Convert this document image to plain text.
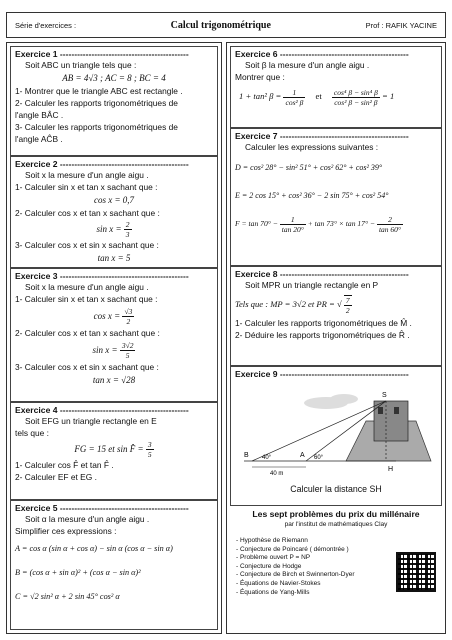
Série d'exercices :	Calcul trigonométrique	Prof : RAFIK YACINE
Exercice 1 ---------------------------------------------
Soit ABC un triangle tels que :
AB = 4√3 ; AC = 8 ; BC = 4
1- Montrer que le triangle ABC est rectangle .
2- Calculer les rapports trigonométriques de
l'angle BÂC .
3- Calculer les rapports trigonométriques de
l'angle AĈB .
Exercice 2 ---------------------------------------------
Soit x la mesure d'un angle aigu .
1- Calculer sin x et tan x sachant que :
cos x = 0,7
2- Calculer cos x et tan x sachant que :
$\sin x = \frac{2}{3}$
3- Calculer cos x et sin x sachant que :
tan x = 5
Exercice 3 ---------------------------------------------
Soit x la mesure d'un angle aigu .
1- Calculer sin x et tan x sachant que :
$\cos x = \frac{√3}{2}$
2- Calculer cos x et tan x sachant que :
$\sin x = \frac{3√2}{5}$
3- Calculer cos x et sin x sachant que :
tan x = √28
Exercice 4 ---------------------------------------------
Soit EFG un triangle rectangle en E
tels que :
FG = 15 et sin F̂ = $\frac{3}{5}$
1- Calculer cos F̂ et tan F̂ .
2- Calculer EF et EG .
Exercice 5 ---------------------------------------------
Soit α la mesure d'un angle aigu .
Simplifier ces expressions :
A = cos α (sin α + cos α) − sin α (cos α − sin α)
B = (cos α + sin α)² + (cos α − sin α)²
C = √2 sin² α + 2 sin 45° cos² α
Exercice 6 ---------------------------------------------
Soit β la mesure d'un angle aigu .
Montrer que :
1 + tan² $\beta = \frac{1}{\text{cos² β}}$ et $\frac{\text{cos⁴ β − sin⁴ β}}{\text{cos² β − sin² β}} = 1$
Exercice 7 ---------------------------------------------
Calculer les expressions suivantes :
D = cos² 28° − sin² 51° + cos² 62° + cos² 39°
E = 2 cos 15° + cos² 36° − 2 sin 75° + cos² 54°
$F = \tan 70^\circ - \frac{1}{\tan 20^\circ} + \tan 73^\circ \times \tan 17^\circ - \frac{2}{\tan 60^\circ}$
Exercice 8 ---------------------------------------------
Soit MPR un triangle rectangle en P
Tels que : MP = 3√2 et PR = √ $\frac{7}{2}$
1- Calculer les rapports trigonométriques de M̂ .
2- Déduire les rapports trigonométriques de R̂ .
Exercice 9 ---------------------------------------------
S
B	A
H
40°	60°
40 m
Calculer la distance SH
Les sept problèmes du prix du millénaire
par l'institut de mathématiques Clay
- Hypothèse de Riemann
- Conjecture de Poincaré ( démontrée )
- Problème ouvert P = NP
- Conjecture de Hodge
- Conjecture de Birch et Swinnerton-Dyer
- Équations de Navier-Stokes
- Équations de Yang-Mills
